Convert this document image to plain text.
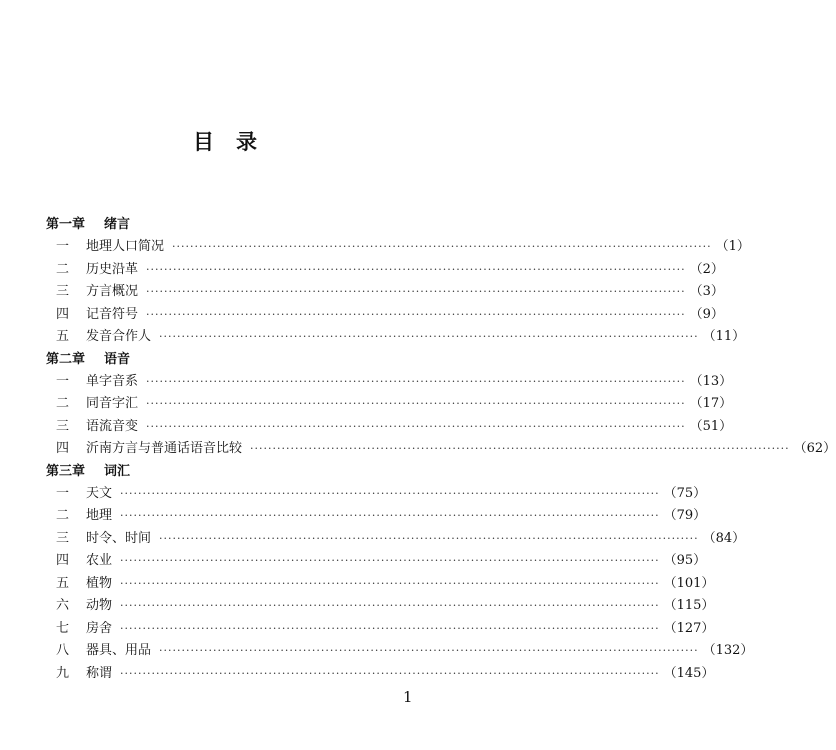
目 录
第一章 绪言
一	地理人口简况 ························································································································ （1）
二	历史沿革 ························································································································ （2）
三	方言概况 ························································································································ （3）
四	记音符号 ························································································································ （9）
五	发音合作人 ························································································································ （11）
第二章 语音
一	单字音系 ························································································································ （13）
二	同音字汇 ························································································································ （17）
三	语流音变 ························································································································ （51）
四	沂南方言与普通话语音比较 ························································································································ （62）
第三章 词汇
一	天文 ························································································································ （75）
二	地理 ························································································································ （79）
三	时令、时间 ························································································································ （84）
四	农业 ························································································································ （95）
五	植物 ························································································································ （101）
六	动物 ························································································································ （115）
七	房舍 ························································································································ （127）
八	器具、用品 ························································································································ （132）
九	称谓 ························································································································ （145）
1
